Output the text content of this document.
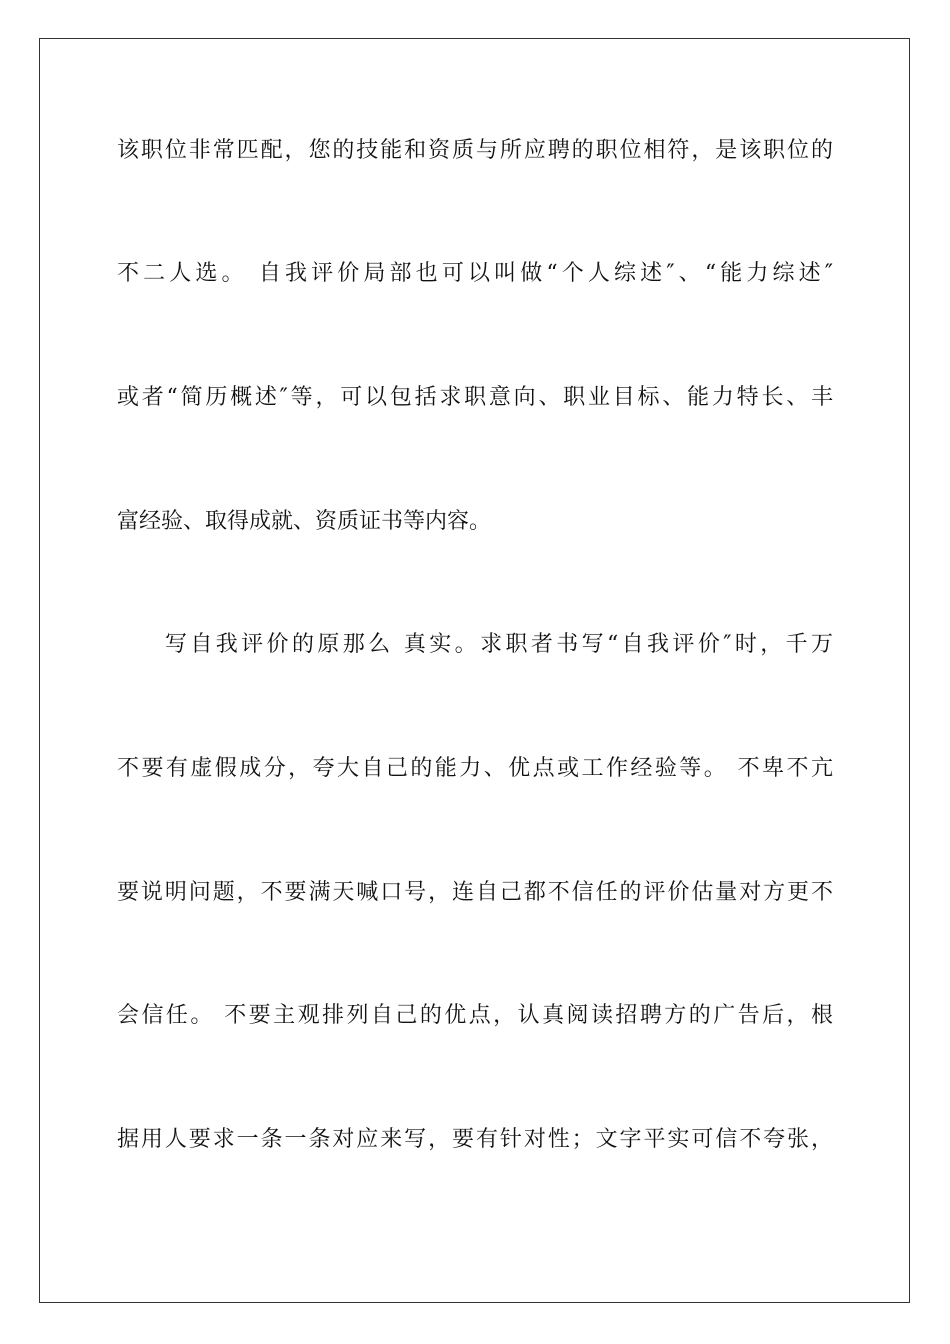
该职位非常匹配，您的技能和资质与所应聘的职位相符，是该职位的
不二人选。 自我评价局部也可以叫做“个人综述″、“能力综述″
或者“简历概述″等，可以包括求职意向、职业目标、能力特长、丰
富经验、取得成就、资质证书等内容。
写自我评价的原那么 真实。求职者书写“自我评价″时，千万
不要有虚假成分，夸大自己的能力、优点或工作经验等。 不卑不亢
要说明问题，不要满天喊口号，连自己都不信任的评价估量对方更不
会信任。 不要主观排列自己的优点，认真阅读招聘方的广告后，根
据用人要求一条一条对应来写，要有针对性；文字平实可信不夸张，
